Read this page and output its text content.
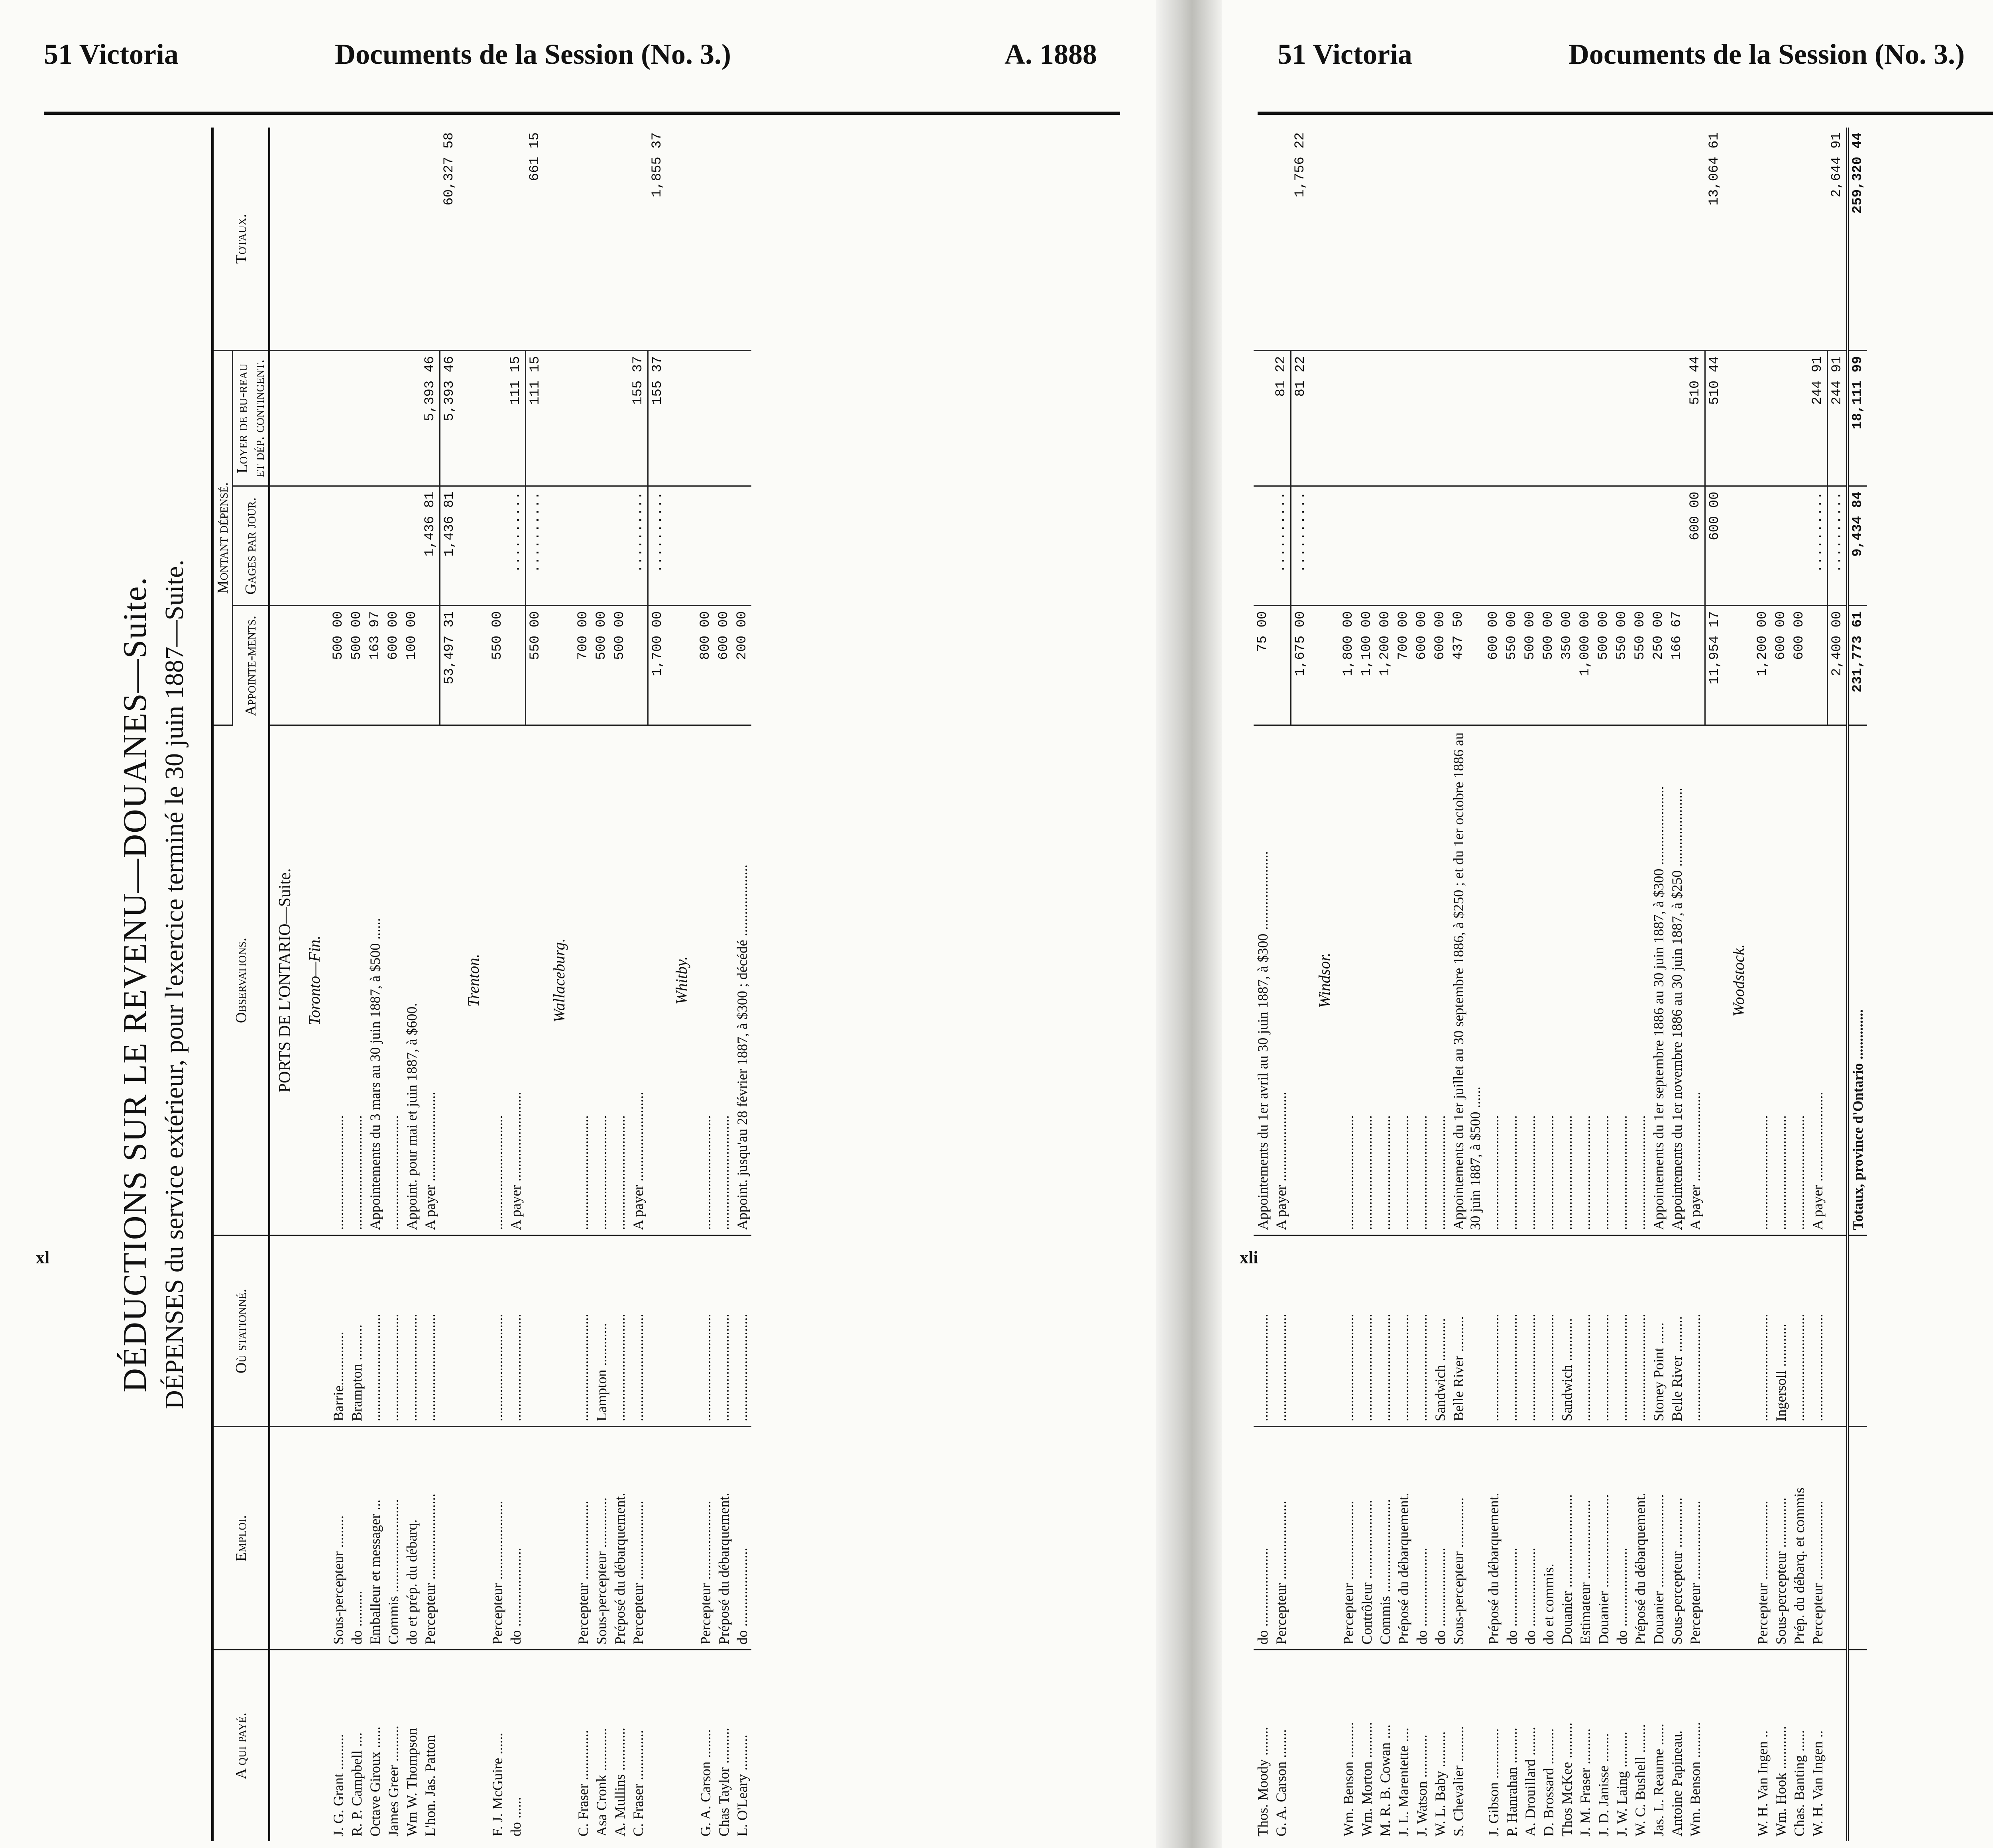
51 Victoria	Documents de la Session (No. 3.)	A. 1888
DÉDUCTIONS SUR LE REVENU—DOUANES—Suite. DÉPENSES du service extérieur, pour l'exercice terminé le 30 juin 1887—Suite.
A qui payé.	Emploi.	Où stationné.	Observations.	Montant dépensé.			Totaux.
				Appointe-ments.	Gages par jour.	Loyer de bu-reau et dép. contingent.	
			PORTS DE L'ONTARIO—Suite.				
			Toronto—Fin.				
J. G. Grant ..........	Sous-percepteur .........	Barrie...............	................................	500 00			
R. P. Campbell ....	do ..........	Brampton ..........	................................	500 00			
Octave Giroux ......	Emballeur et messager ...	..............................	Appointements du 3 mars au 30 juin 1887, à $500 ......	163 97			
James Greer ..........	Commis ..........................	..............................	................................	600 00			
Wm W. Thompson	do et prép. du débarq.	..............................	Appoint. pour mai et juin 1887, à $600.	100 00			
L'hon. Jas. Patton	Percepteur ........................	..............................	A payer .........................		1,436 81	5,393 46	
				53,497 31	1,436 81	5,393 46	60,327 58
			Trenton.				
F. J. McGuire ......	Percepteur ......................	..............................	................................	550 00			
do ......	do ......................	..............................	A payer .........................		..........	111 15	
				550 00	..........	111 15	661 15
			Wallaceburg.				
C. Fraser ..............	Percepteur ......................	..............................	................................	700 00			
Asa Cronk ............	Sous-percepteur ..............	Lampton ............	................................	500 00			
A. Mullins ............	Préposé du débarquement.	..............................	................................	500 00			
C. Fraser ..............	Percepteur ......................	..............................	A payer .........................		..........	155 37	
				1,700 00	..........	155 37	1,855 37
			Whitby.				
G. A. Carson ........	Percepteur ......................	..............................	................................	800 00			
Chas Taylor ..........	Préposé du débarquement.	..............................	................................	600 00			
L. O'Leary ..........	do ......................	..............................	Appoint. jusqu'au 28 février 1887, à $300 ; décédé ....................	200 00			
xl
51 Victoria	Documents de la Session (No. 3.)
Thos. Moody ........	do ......................	..............................	Appointements du 1er avril au 30 juin 1887, à $300 ......................	75 00			
G. A. Carson ........	Percepteur ......................	..............................	A payer .........................		..........	81 22	
				1,675 00	..........	81 22	1,756 22
			Windsor.				
Wm. Benson ..........	Percepteur ......................	..............................	................................	1,800 00			
Wm. Morton ..........	Contrôleur ......................	..............................	................................	1,100 00			
M. R. B. Cowan ....	Commis ..........................	..............................	................................	1,200 00			
J. L. Marentette ....	Préposé du débarquement.	..............................	................................	700 00			
J. Watson ............	do ......................	..............................	................................	600 00			
W. L. Baby ..........	do ......................	Sandwich ............	................................	600 00			
S. Chevalier ..........	Sous-percepteur ..............	Belle River ..........	Appointements du 1er juillet au 30 septembre 1886, à $250 ; et du 1er octobre 1886 au 30 juin 1887, à $500 ......	437 50			
J. Gibson ..............	Préposé du débarquement.	..............................	................................	600 00			
P. Hanrahan ..........	do ......................	..............................	................................	550 00			
A. Drouillard ........	do ......................	..............................	................................	500 00			
D. Brossard ..........	do et commis.	..............................	................................	500 00			
Thos McKee ..........	Douanier ..........................	Sandwich ............	................................	350 00			
J. M. Fraser ..........	Estimateur ......................	..............................	................................	1,000 00			
J. D. Janisse ........	Douanier ..........................	..............................	................................	500 00			
J. W. Laing ..........	do ......................	..............................	................................	550 00			
W. C. Bushell ........	Préposé du débarquement.	..............................	................................	550 00			
Jas. L. Reaume ......	Douanier ..........................	Stoney Point ......	Appointements du 1er septembre 1886 au 30 juin 1887, à $300 ......................	250 00			
Antoine Papineau.	Sous-percepteur ..............	Belle River ..........	Appointements du 1er novembre 1886 au 30 juin 1887, à $250 ......................	166 67			
Wm. Benson ..........	Percepteur ......................	..............................	A payer .........................		600 00	510 44	
				11,954 17	600 00	510 44	13,064 61
			Woodstock.				
W. H. Van Ingen ..	Percepteur ......................	..............................	................................	1,200 00			
Wm. Hook ............	Sous-percepteur ..............	Ingersoll ............	................................	600 00			
Chas. Banting ......	Prép. du débarq. et commis	..............................	................................	600 00			
W. H. Van Ingen ..	Percepteur ......................	..............................	A payer .........................		..........	244 91	
				2,400 00	..........	244 91	2,644 91
			Totaux, province d'Ontario ..............	231,773 61	9,434 84	18,111 99	259,320 44
xli
